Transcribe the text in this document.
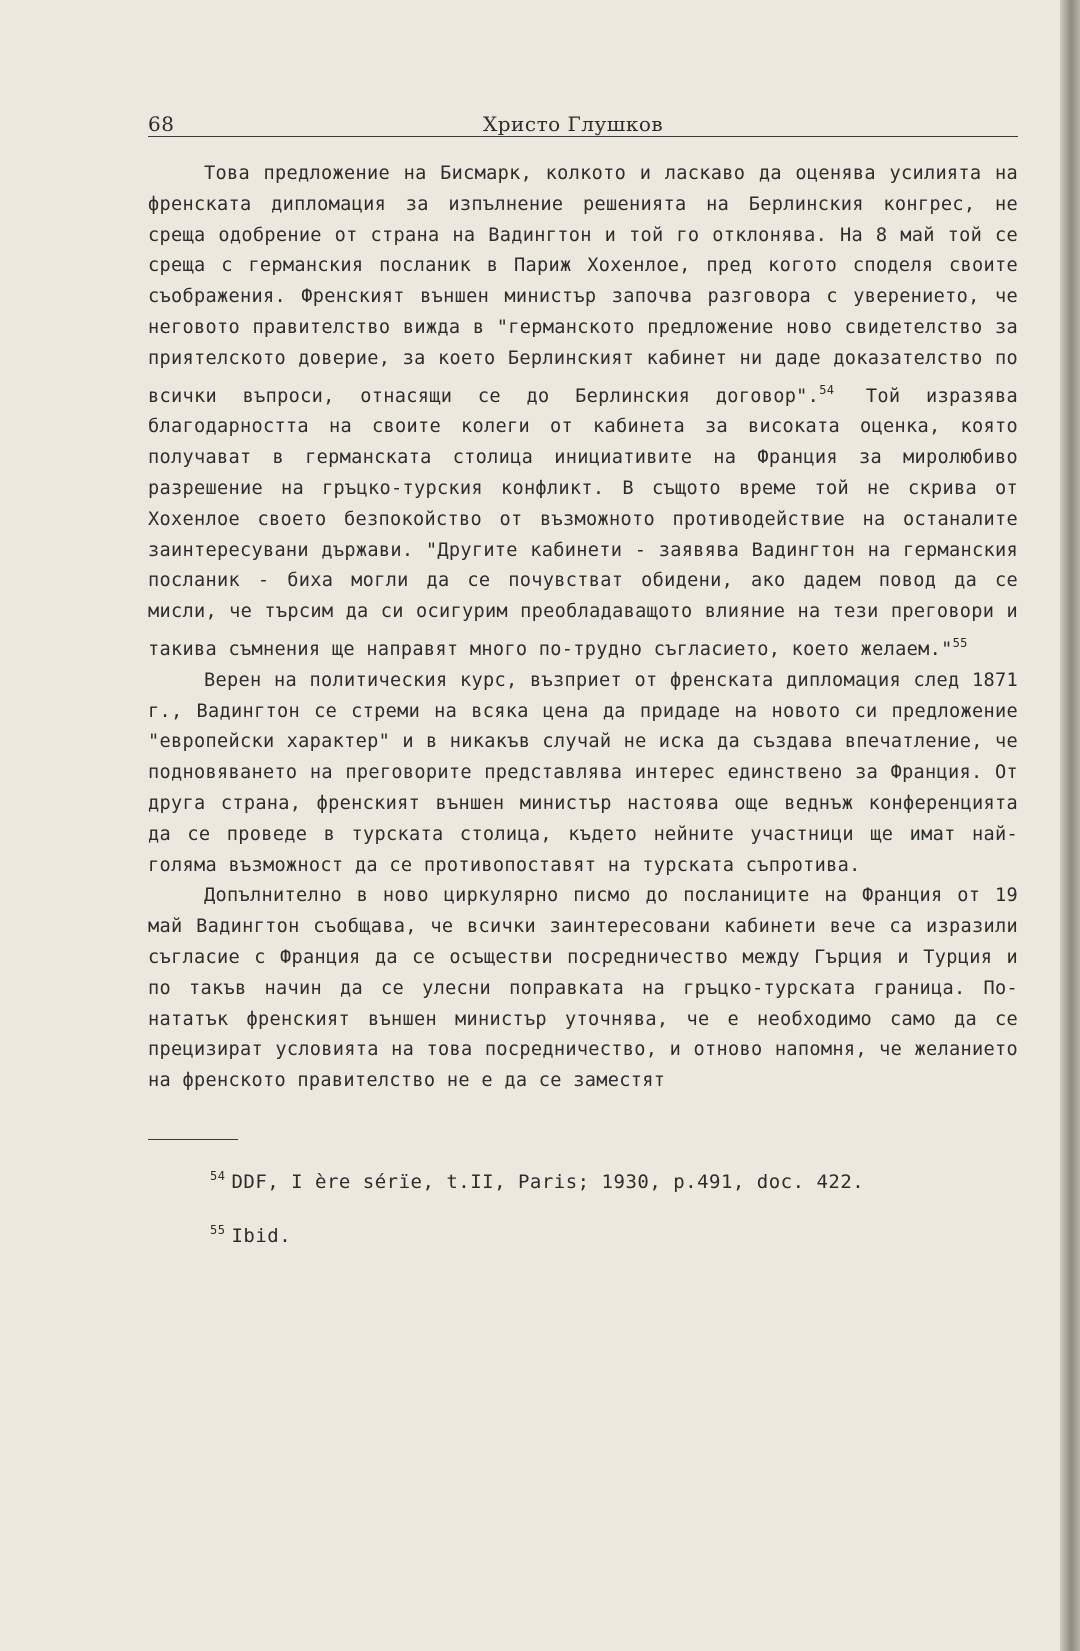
68	Христо Глушков

Това предложение на Бисмарк, колкото и ласкаво да оценява усилията на френската дипломация за изпълнение решенията на Берлинския конгрес, не среща одобрение от страна на Вадингтон и той го отклонява. На 8 май той се среща с германския посланик в Париж Хохенлое, пред когото споделя своите съображения. Френският външен министър започва разговора с уверението, че неговото правителство вижда в "германското предложение ново свидетелство за приятелското доверие, за което Берлинският кабинет ни даде доказателство по всички въпроси, отнасящи се до Берлинския договор".$^{54}$ Той изразява благодарността на своите колеги от кабинета за високата оценка, която получават в германската столица инициативите на Франция за миролюбиво разрешение на гръцко-турския конфликт. В същото време той не скрива от Хохенлое своето безпокойство от възможното противодействие на останалите заинтересувани държави. "Другите кабинети - заявява Вадингтон на германския посланик - биха могли да се почувстват обидени, ако дадем повод да се мисли, че търсим да си осигурим преобладаващото влияние на тези преговори и такива съмнения ще направят много по-трудно съгласието, което желаем."$^{55}$

Верен на политическия курс, възприет от френската дипломация след 1871 г., Вадингтон се стреми на всяка цена да придаде на новото си предложение "европейски характер" и в никакъв случай не иска да създава впечатление, че подновяването на преговорите представлява интерес единствено за Франция. От друга страна, френският външен министър настоява още веднъж конференцията да се проведе в турската столица, където нейните участници ще имат най-голяма възможност да се противопоставят на турската съпротива.

Допълнително в ново циркулярно писмо до посланиците на Франция от 19 май Вадингтон съобщава, че всички заинтересовани кабинети вече са изразили съгласие с Франция да се осъществи посредничество между Гърция и Турция и по такъв начин да се улесни поправката на гръцко-турската граница. По-нататък френският външен министър уточнява, че е необходимо само да се прецизират условията на това посредничество, и отново напомня, че желанието на френското правителство не е да се заместят

$^{54}$ DDF, I ère sérïe, t.II, Paris; 1930, p.491, doc. 422.
$^{55}$ Ibid.
